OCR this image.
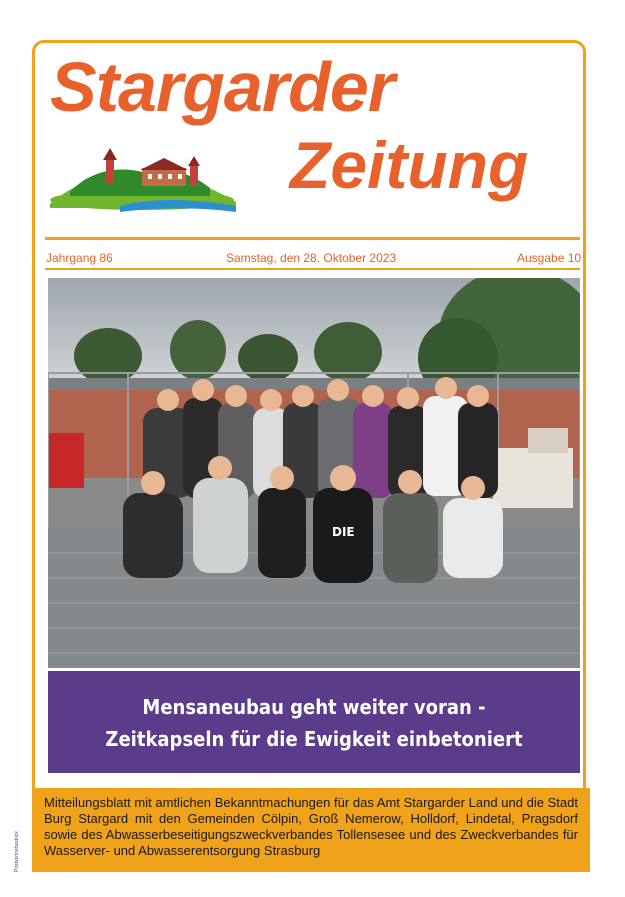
Stargarder
Zeitung
Jahrgang 86	Samstag, den 28. Oktober 2023	Ausgabe 10
DIE
Mensaneubau geht weiter voran -
Zeitkapseln für die Ewigkeit einbetoniert

Mitteilungsblatt mit amtlichen Bekanntmachungen für das Amt Stargarder Land und die Stadt Burg Stargard mit den Gemeinden Cölpin, Groß Nemerow, Holldorf, Lindetal, Pragsdorf sowie des Abwasserbeseitigungszweckverbandes Tollensesee und des Zweckverbandes für Wasserver- und Abwasserentsorgung Strasburg

Postvertriebsstück
